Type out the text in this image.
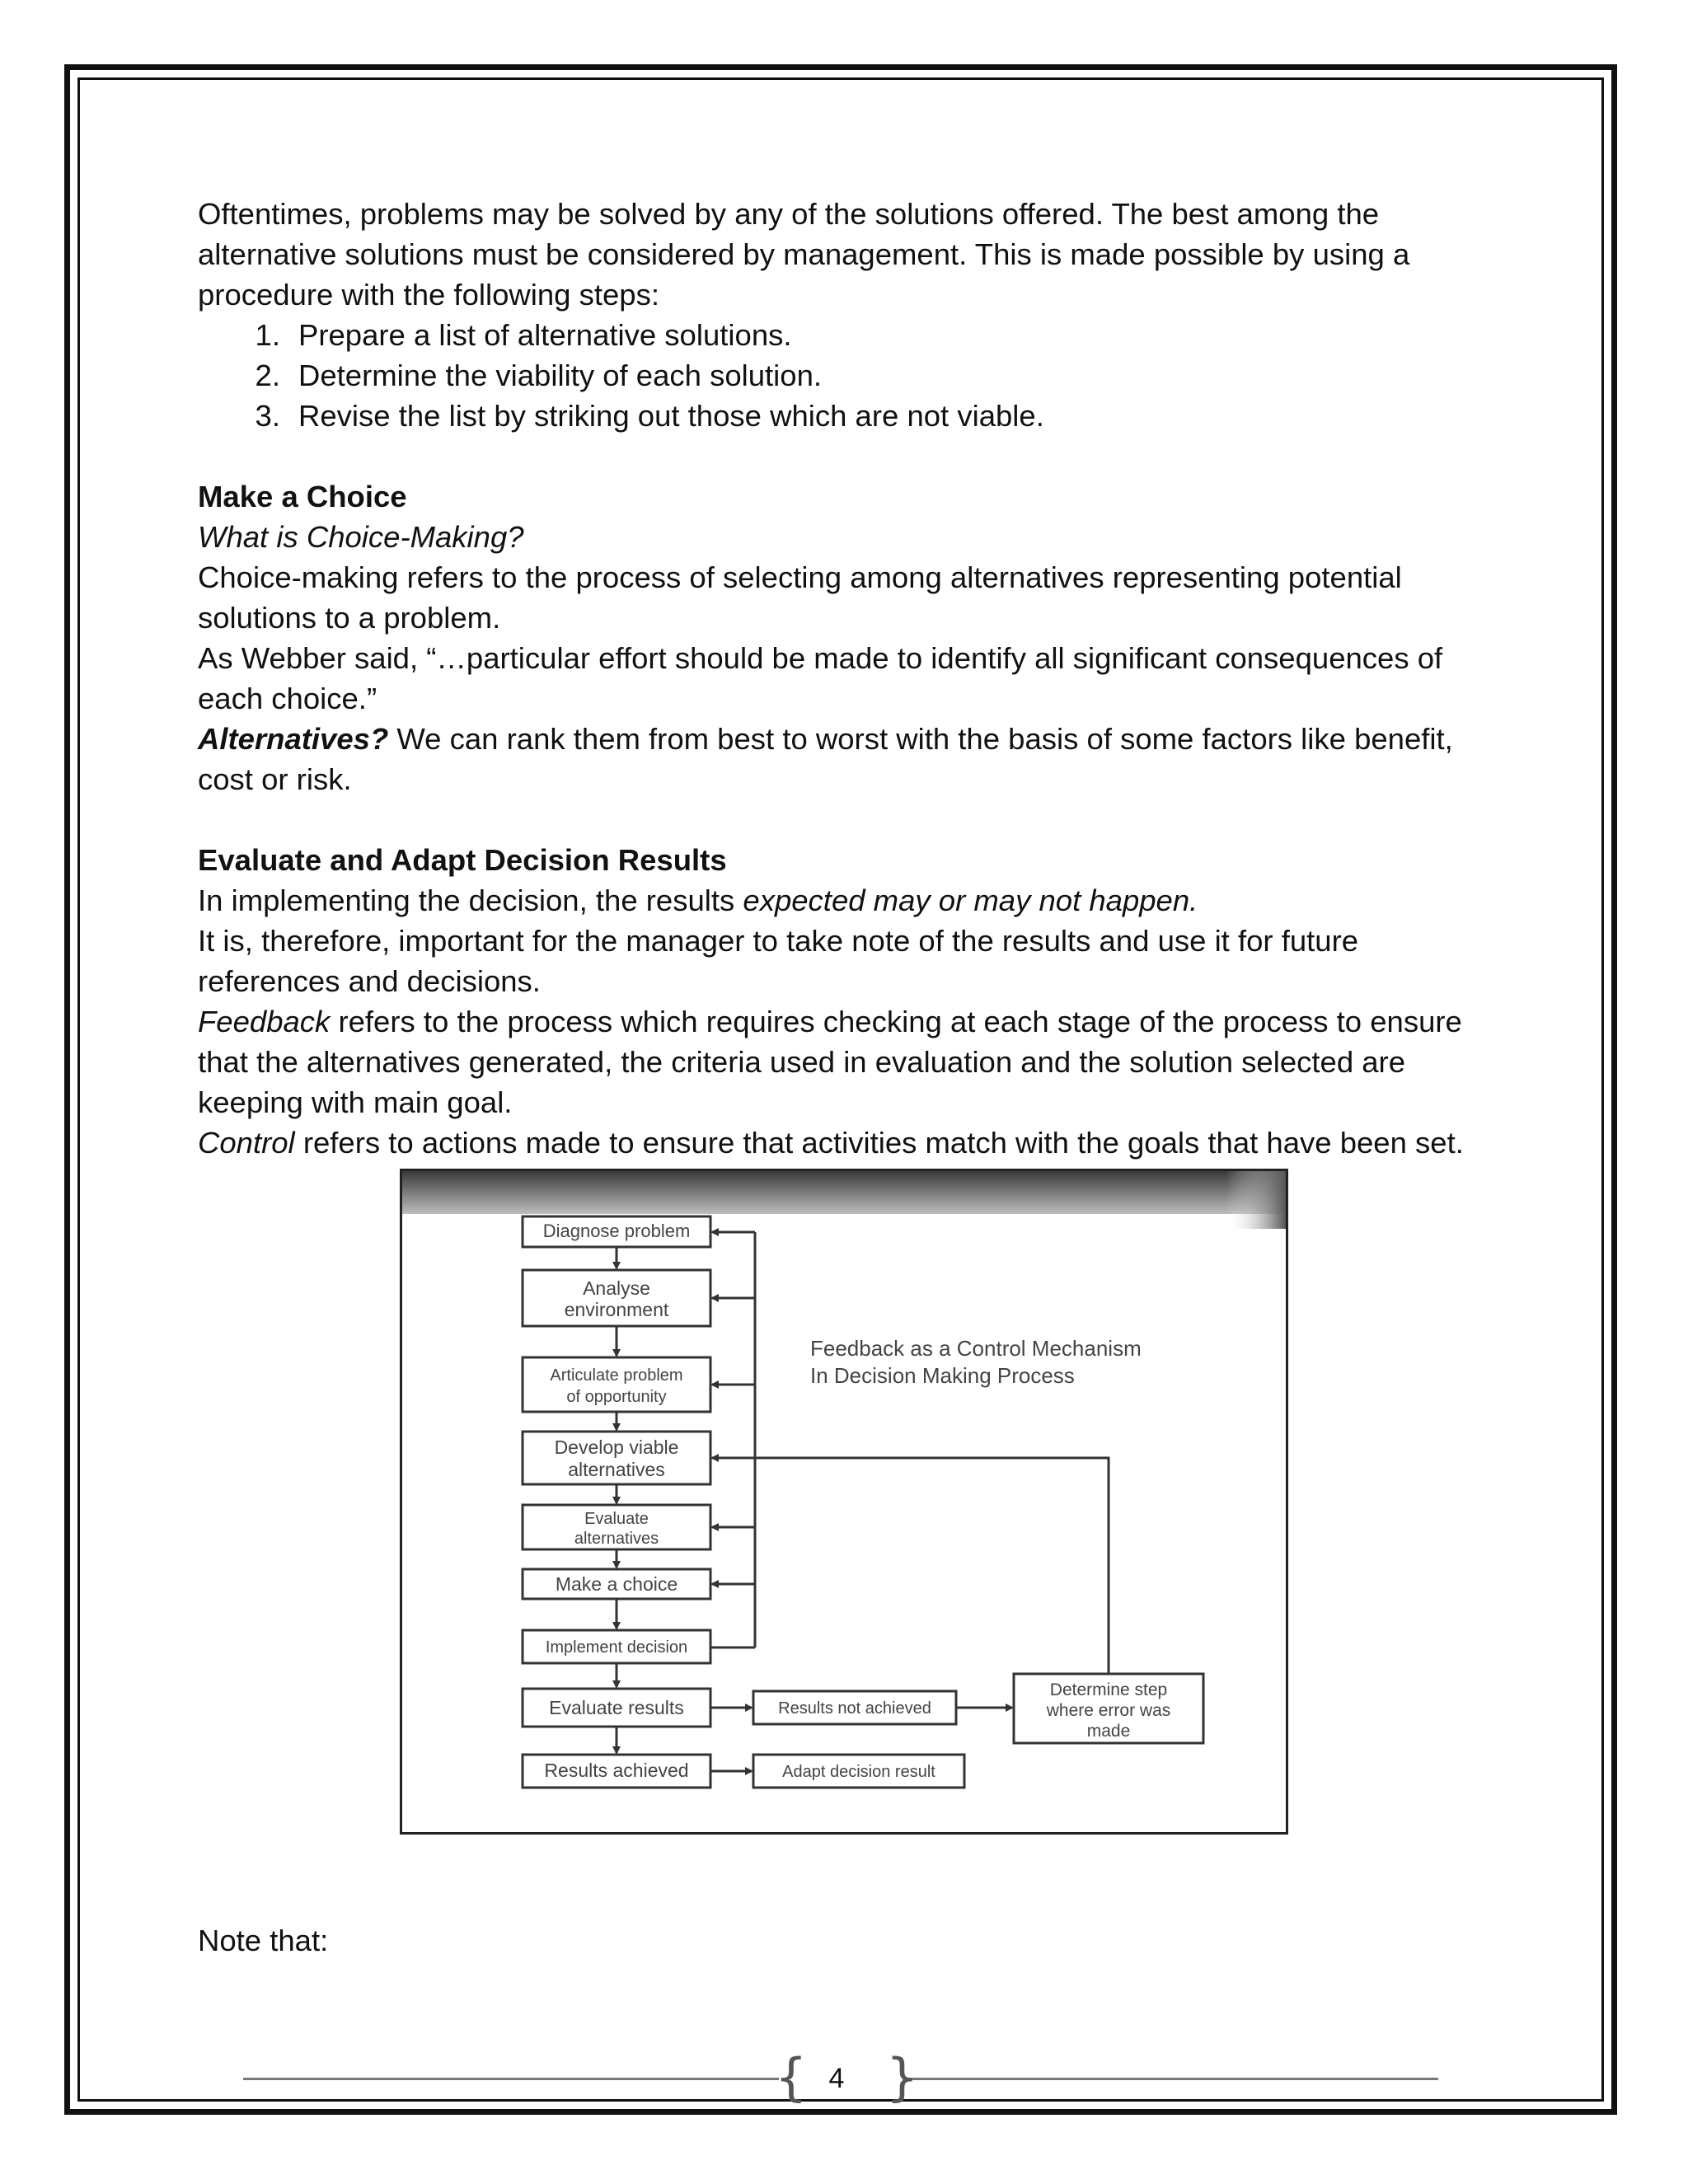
Oftentimes, problems may be solved by any of the solutions offered. The best among the

alternative solutions must be considered by management. This is made possible by using a

procedure with the following steps:

1. Prepare a list of alternative solutions.
2. Determine the viability of each solution.
3. Revise the list by striking out those which are not viable.

Make a Choice

What is Choice-Making?

Choice-making refers to the process of selecting among alternatives representing potential

solutions to a problem.

As Webber said, “…particular effort should be made to identify all significant consequences of

each choice.”

Alternatives? We can rank them from best to worst with the basis of some factors like benefit,

cost or risk.

Evaluate and Adapt Decision Results

In implementing the decision, the results expected may or may not happen.

It is, therefore, important for the manager to take note of the results and use it for future

references and decisions.

Feedback refers to the process which requires checking at each stage of the process to ensure

that the alternatives generated, the criteria used in evaluation and the solution selected are

keeping with main goal.

Control refers to actions made to ensure that activities match with the goals that have been set.

Diagnose problem
Analyse
environment
Articulate problem
of opportunity
Develop viable
alternatives
Evaluate
alternatives
Make a choice
Implement decision
Evaluate results
Results achieved
Results not achieved
Adapt decision result
Determine step
where error was
made
Feedback as a Control Mechanism
In Decision Making Process
Note that:
{ }
4
